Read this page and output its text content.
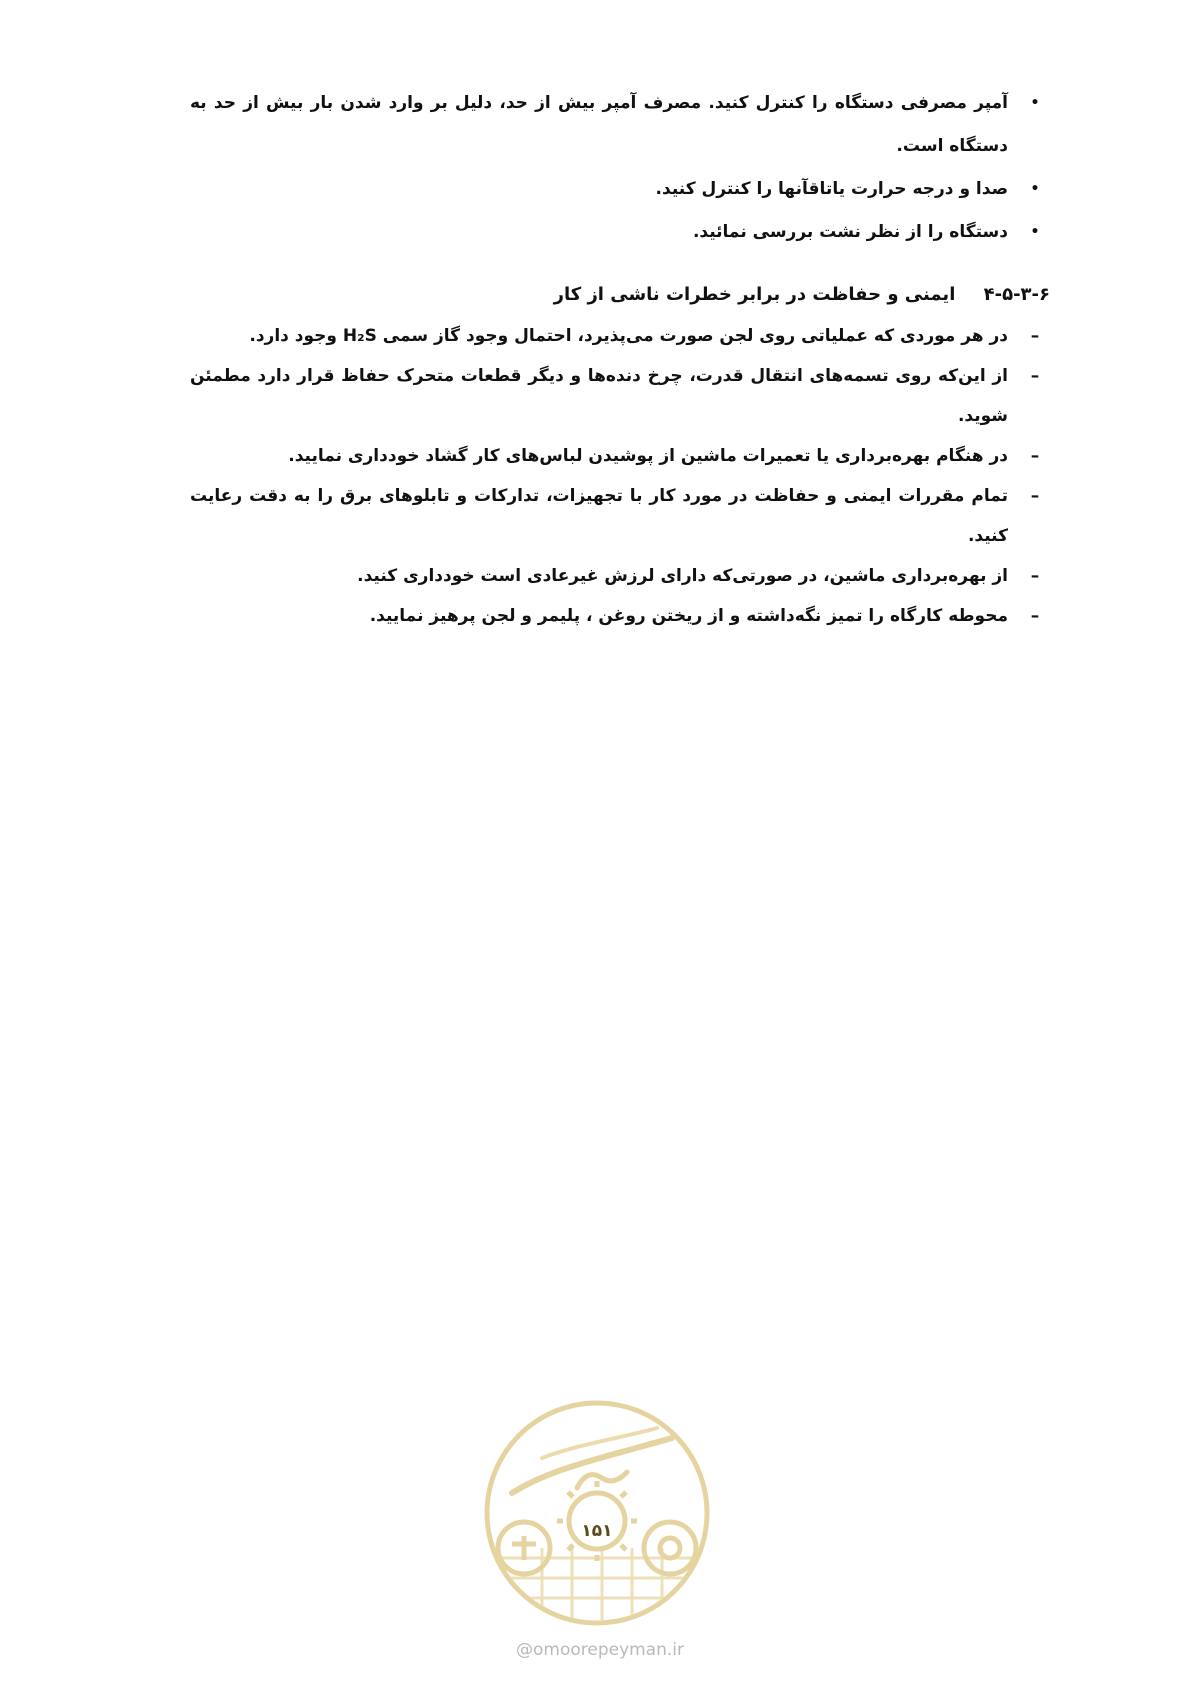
•
آمپر مصرفی دستگاه را کنترل کنید. مصرف آمپر بیش از حد، دلیل بر وارد شدن بار بیش از حد به دستگاه است.
•
صدا و درجه حرارت یاتاقآنها را کنترل کنید.
•
دستگاه را از نظر نشت بررسی نمائید.
۴-۵-۳-۶ ایمنی و حفاظت در برابر خطرات ناشی از کار
–
در هر موردی که عملیاتی روی لجن صورت می‌پذیرد، احتمال وجود گاز سمی H₂S وجود دارد.
–
از این‌که روی تسمه‌های انتقال قدرت، چرخ دنده‌ها و دیگر قطعات متحرک حفاظ قرار دارد مطمئن شوید.
–
در هنگام بهره‌برداری یا تعمیرات ماشین از پوشیدن لباس‌های کار گشاد خودداری نمایید.
–
تمام مقررات ایمنی و حفاظت در مورد کار با تجهیزات، تدارکات و تابلوهای برق را به دقت رعایت کنید.
–
از بهره‌برداری ماشین، در صورتی‌که دارای لرزش غیرعادی است خودداری کنید.
–
محوطه کارگاه را تمیز نگه‌داشته و از ریختن روغن ، پلیمر و لجن پرهیز نمایید.
۱۵۱
@omoorepeyman.ir
